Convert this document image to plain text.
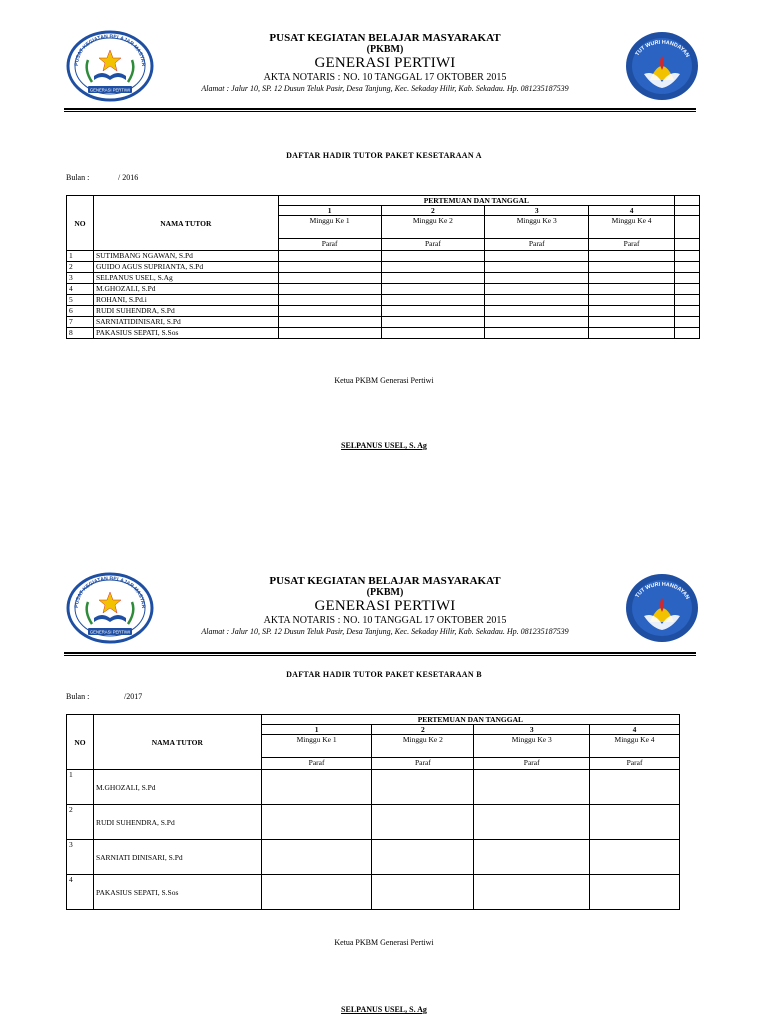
PUSAT KEGIATAN BELAJAR MASYAR
GENERASI PERTIWI
TUT WURI HANDAYAN
PUSAT KEGIATAN BELAJAR MASYARAKAT
(PKBM)
GENERASI PERTIWI
AKTA NOTARIS : NO. 10 TANGGAL 17 OKTOBER 2015
Alamat : Jalur 10, SP. 12 Dusun Teluk Pasir, Desa Tanjung, Kec. Sekaday Hilir, Kab. Sekadau. Hp. 081235187539
DAFTAR HADIR TUTOR PAKET KESETARAAN A
Bulan :	/ 2016
NO	NAMA TUTOR	PERTEMUAN DAN TANGGAL				
		1	2	3	4	
		Minggu Ke 1	Minggu Ke 2	Minggu Ke 3	Minggu Ke 4	
		Paraf	Paraf	Paraf	Paraf	
1	SUTIMBANG NGAWAN, S.Pd					
2	GUIDO AGUS SUPRIANTA, S.Pd					
3	SELPANUS USEL, S.Ag					
4	M.GHOZALI, S.Pd					
5	ROHANI, S.Pd.i					
6	RUDI SUHENDRA, S.Pd					
7	SARNIATIDINISARI, S.Pd					
8	PAKASIUS SEPATI, S.Sos					
Ketua PKBM Generasi Pertiwi
SELPANUS USEL, S. Ag
PUSAT KEGIATAN BELAJAR MASYAR
GENERASI PERTIWI
TUT WURI HANDAYAN
PUSAT KEGIATAN BELAJAR MASYARAKAT
(PKBM)
GENERASI PERTIWI
AKTA NOTARIS : NO. 10 TANGGAL 17 OKTOBER 2015
Alamat : Jalur 10, SP. 12 Dusun Teluk Pasir, Desa Tanjung, Kec. Sekaday Hilir, Kab. Sekadau. Hp. 081235187539
DAFTAR HADIR TUTOR PAKET KESETARAAN B
Bulan :	/2017
NO	NAMA TUTOR	PERTEMUAN DAN TANGGAL			
		1	2	3	4
		Minggu Ke 1	Minggu Ke 2	Minggu Ke 3	Minggu Ke 4
		Paraf	Paraf	Paraf	Paraf
1	M.GHOZALI, S.Pd				
2	RUDI SUHENDRA, S.Pd				
3	SARNIATI DINISARI, S.Pd				
4	PAKASIUS SEPATI, S.Sos				
Ketua PKBM Generasi Pertiwi
SELPANUS USEL, S. Ag
